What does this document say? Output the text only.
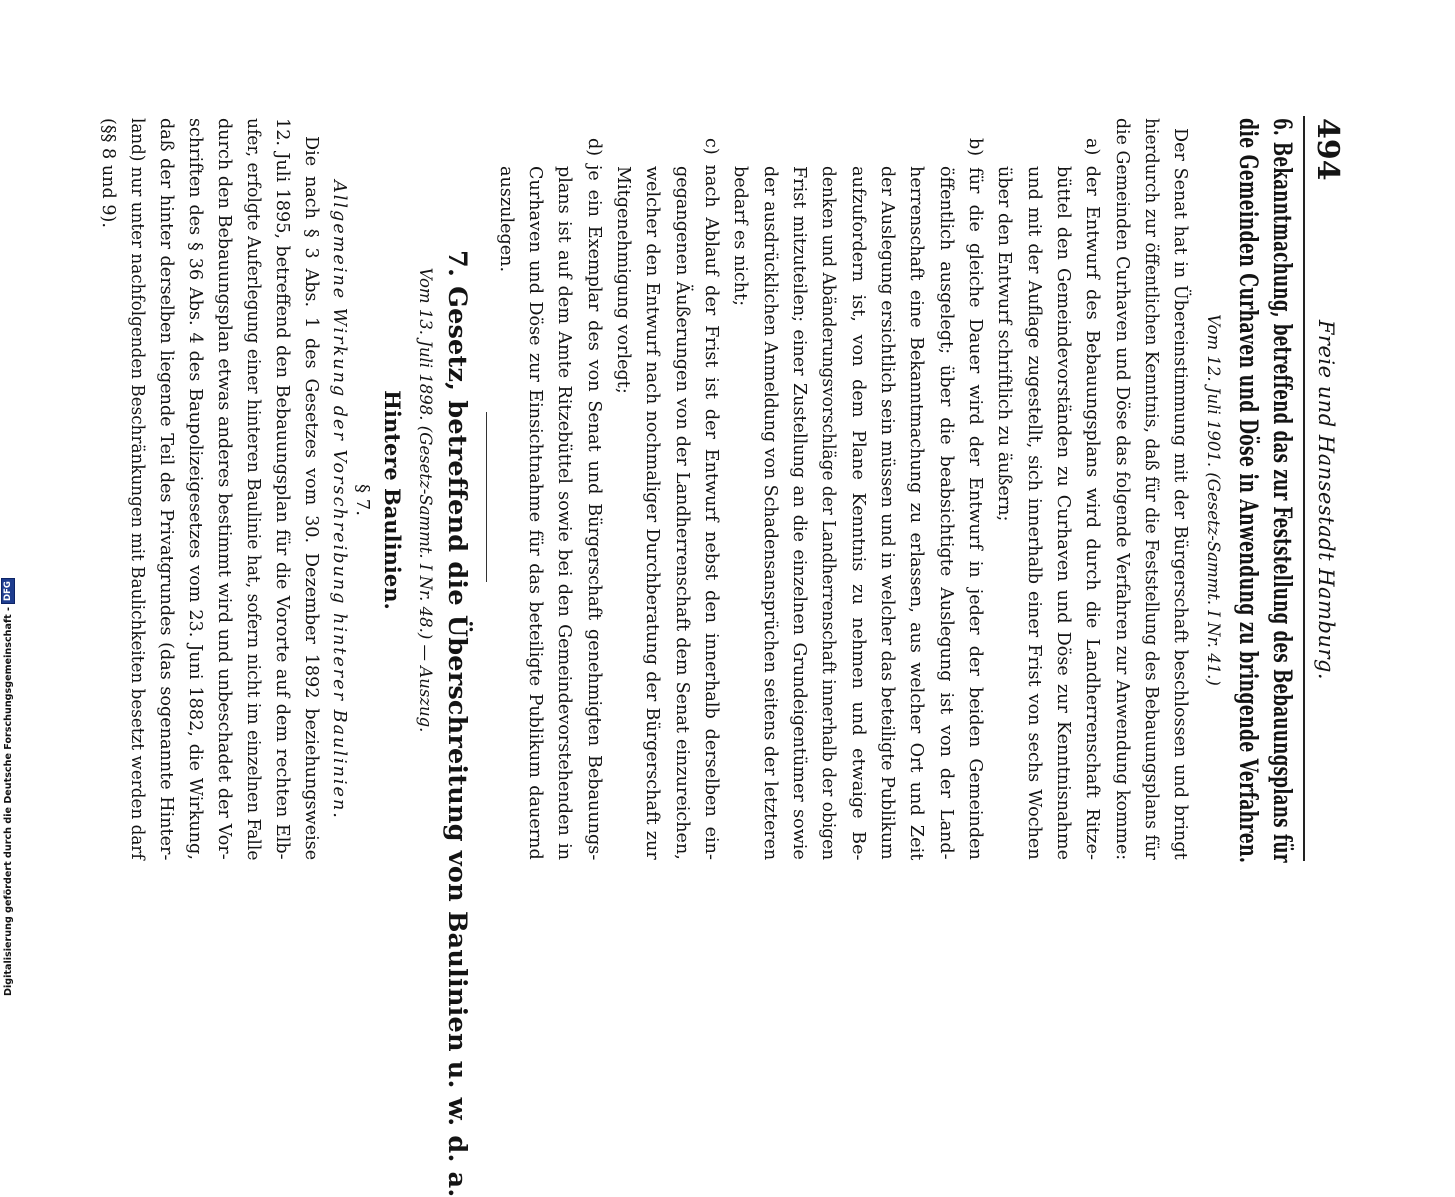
494
Freie und Hansestadt Hamburg.
6. Bekanntmachung, betreffend das zur Feststellung des Bebauungsplans für
die Gemeinden Curhaven und Döse in Anwendung zu bringende Verfahren.
Vom 12. Juli 1901. (Gesetz-Sammt. I Nr. 41.)
Der Senat hat in Übereinstimmung mit der Bürgerschaft beschlossen und bringt
hierdurch zur öffentlichen Kenntnis, daß für die Feststellung des Bebauungsplans für
die Gemeinden Curhaven und Döse das folgende Verfahren zur Anwendung komme:
a) der Entwurf des Bebauungsplans wird durch die Landherrenschaft Ritze-
büttel den Gemeindevorständen zu Curhaven und Döse zur Kenntnisnahme
und mit der Auflage zugestellt, sich innerhalb einer Frist von sechs Wochen
über den Entwurf schriftlich zu äußern;
b) für die gleiche Dauer wird der Entwurf in jeder der beiden Gemeinden
öffentlich ausgelegt; über die beabsichtigte Auslegung ist von der Land-
herrenschaft eine Bekanntmachung zu erlassen, aus welcher Ort und Zeit
der Auslegung ersichtlich sein müssen und in welcher das beteiligte Publikum
aufzufordern ist, von dem Plane Kenntnis zu nehmen und etwaige Be-
denken und Abänderungsvorschläge der Landherrenschaft innerhalb der obigen
Frist mitzuteilen; einer Zustellung an die einzelnen Grundeigentümer sowie
der ausdrücklichen Anmeldung von Schadensansprüchen seitens der letzteren
bedarf es nicht;
c) nach Ablauf der Frist ist der Entwurf nebst den innerhalb derselben ein-
gegangenen Äußerungen von der Landherrenschaft dem Senat einzureichen,
welcher den Entwurf nach nochmaliger Durchberatung der Bürgerschaft zur
Mitgenehmigung vorlegt;
d) je ein Exemplar des von Senat und Bürgerschaft genehmigten Bebauungs-
plans ist auf dem Amte Ritzebüttel sowie bei den Gemeindevorstehenden in
Curhaven und Döse zur Einsichtnahme für das beteiligte Publikum dauernd
auszulegen.
7. Gesetz, betreffend die Überschreitung von Baulinien u. w. d. a.
Vom 13. Juli 1898. (Gesetz-Sammt. I Nr. 48.) — Auszug.
Hintere Baulinien.
§ 7.
Allgemeine Wirkung der Vorschreibung hinterer Baulinien.
Die nach § 3 Abs. 1 des Gesetzes vom 30. Dezember 1892 beziehungsweise
12. Juli 1895, betreffend den Bebauungsplan für die Vororte auf dem rechten Elb-
ufer, erfolgte Auferlegung einer hinteren Baulinie hat, sofern nicht im einzelnen Falle
durch den Bebauungsplan etwas anderes bestimmt wird und unbeschadet der Vor-
schriften des § 36 Abs. 4 des Baupolizeigesetzes vom 23. Juni 1882, die Wirkung,
daß der hinter derselben liegende Teil des Privatgrundes (das sogenannte Hinter-
land) nur unter nachfolgenden Beschränkungen mit Baulichkeiten besetzt werden darf
(§§ 8 und 9).
Digitalisierung gefördert durch die Deutsche Forschungsgemeinschaft -
DFG
